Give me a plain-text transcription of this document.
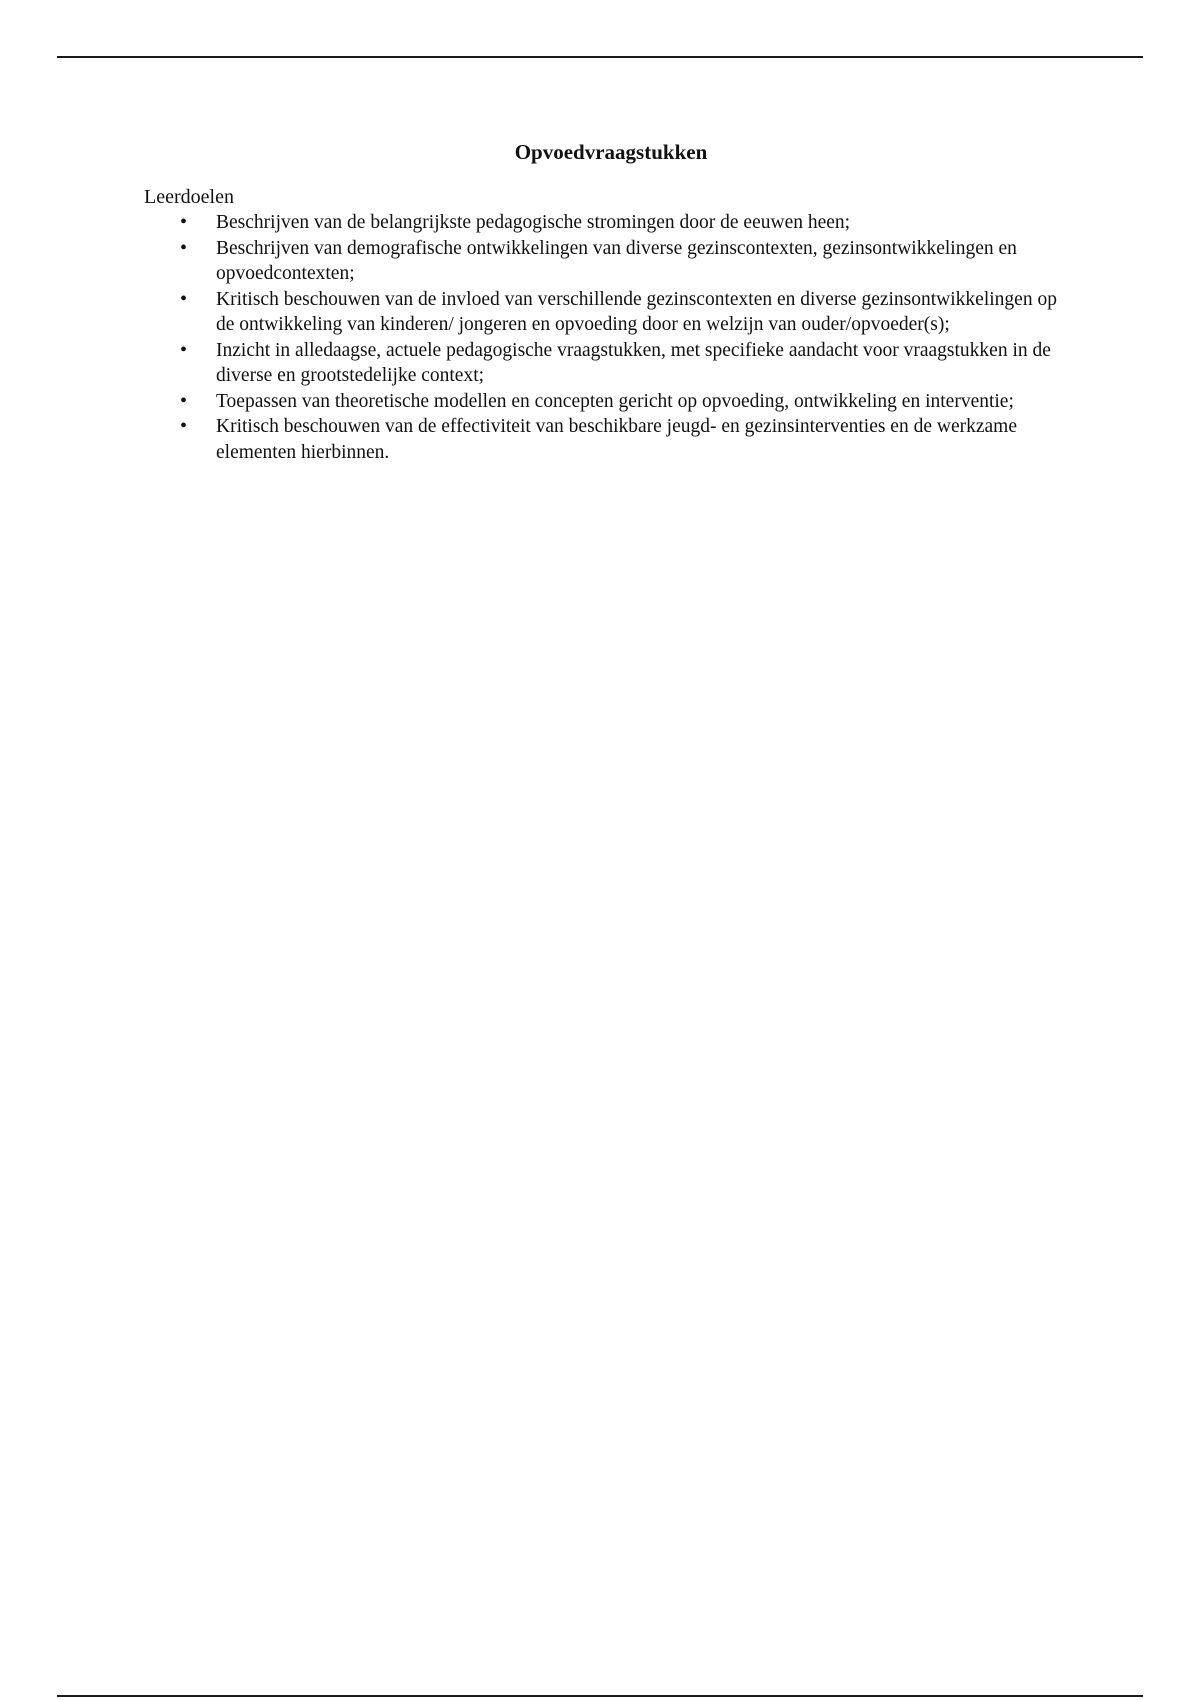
Opvoedvraagstukken

Leerdoelen

• Beschrijven van de belangrijkste pedagogische stromingen door de eeuwen heen;
• Beschrijven van demografische ontwikkelingen van diverse gezinscontexten, gezinsontwikkelingen en opvoedcontexten;
• Kritisch beschouwen van de invloed van verschillende gezinscontexten en diverse gezinsontwikkelingen op de ontwikkeling van kinderen/ jongeren en opvoeding door en welzijn van ouder/opvoeder(s);
• Inzicht in alledaagse, actuele pedagogische vraagstukken, met specifieke aandacht voor vraagstukken in de diverse en grootstedelijke context;
• Toepassen van theoretische modellen en concepten gericht op opvoeding, ontwikkeling en interventie;
• Kritisch beschouwen van de effectiviteit van beschikbare jeugd- en gezinsinterventies en de werkzame elementen hierbinnen.
